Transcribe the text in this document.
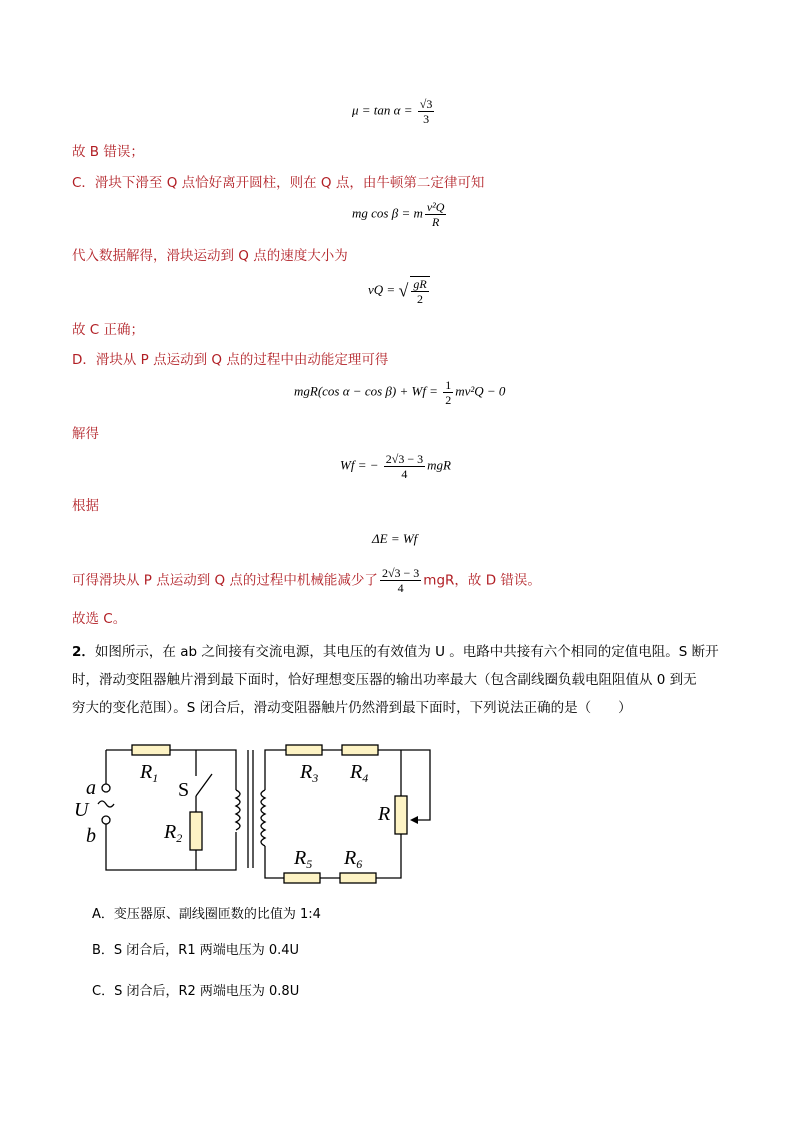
$\mu = \tan \alpha = \frac{√3}{3}$
故 B 错误；
C．滑块下滑至 Q 点恰好离开圆柱，则在 Q 点，由牛顿第二定律可知
mg cos β = m $\frac{\text{v²Q}}{R}$
代入数据解得，滑块运动到 Q 点的速度大小为
vQ = √ $\frac{gR}{2}$
故 C 正确；
D．滑块从 P 点运动到 Q 点的过程中由动能定理可得
mgR(cos $\alpha - \cos \beta) + Wf = \frac{1}{2} mv^2Q - 0$
解得
Wf = − $\frac{2√3 - 3}{4}$ mgR
根据
ΔE = Wf
可得滑块从 P 点运动到 Q 点的过程中机械能减少了 $\frac{2√3 - 3}{4}$ mgR，故 D 错误。
故选 C。
2．如图所示，在 ab 之间接有交流电源，其电压的有效值为 U 。电路中共接有六个相同的定值电阻。S 断开
时，滑动变阻器触片滑到最下面时，恰好理想变压器的输出功率最大（包含副线圈负载电阻阻值从 0 到无
穷大的变化范围）。S 闭合后，滑动变阻器触片仍然滑到最下面时，下列说法正确的是（　　）
a
U
b
S
$R_1$
$R_2$
$R_3$ $R_4$
R
$R_5$ $R_6$
A．变压器原、副线圈匝数的比值为 1:4
B．S 闭合后，R1 两端电压为 0.4U
C．S 闭合后，R2 两端电压为 0.8U
